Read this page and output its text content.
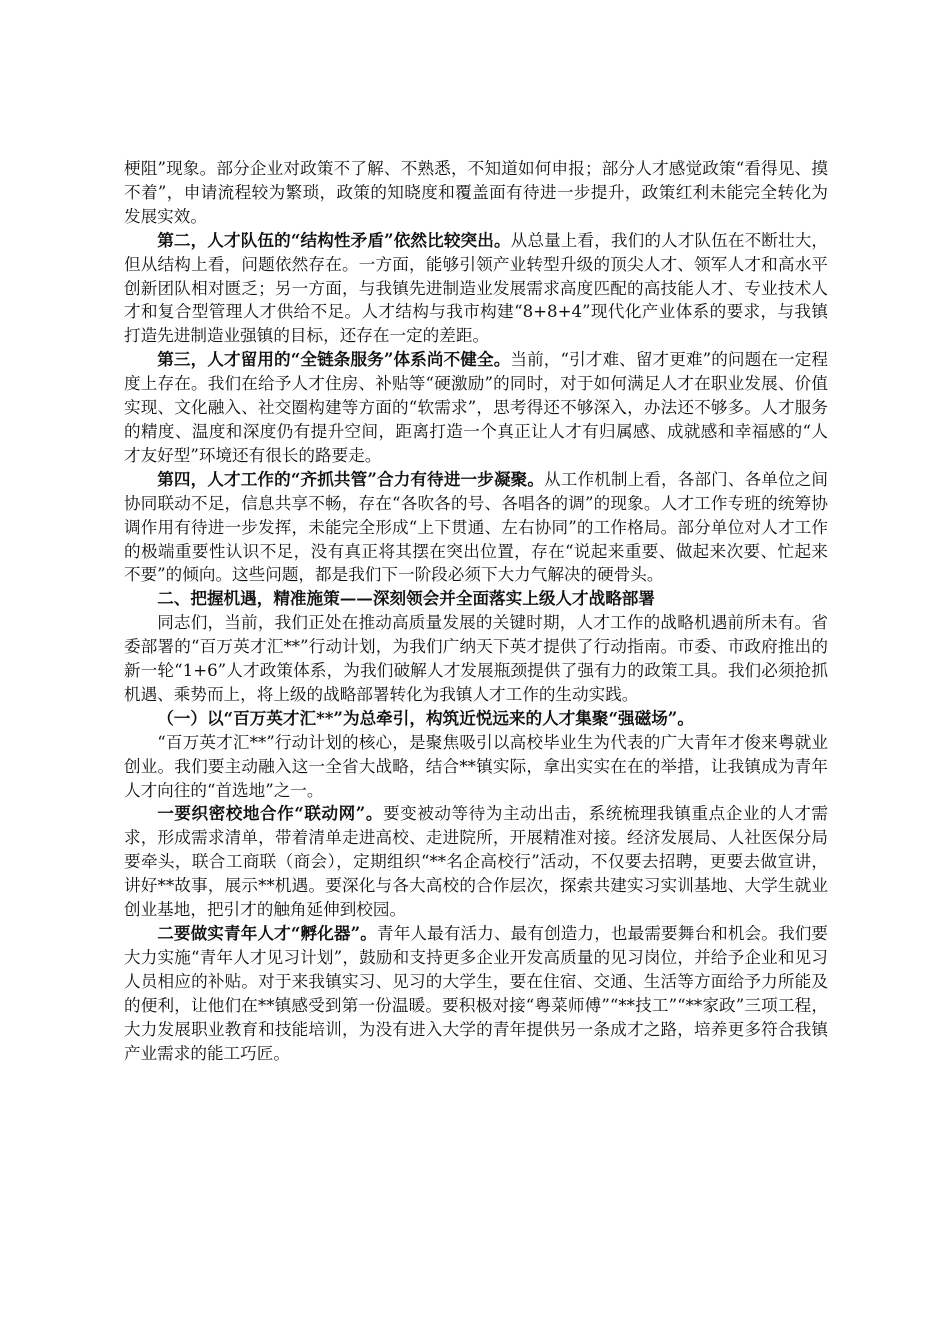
梗阻”现象。部分企业对政策不了解、不熟悉，不知道如何申报；部分人才感觉政策“看得见、摸不着”，申请流程较为繁琐，政策的知晓度和覆盖面有待进一步提升，政策红利未能完全转化为发展实效。

第二，人才队伍的“结构性矛盾”依然比较突出。从总量上看，我们的人才队伍在不断壮大，但从结构上看，问题依然存在。一方面，能够引领产业转型升级的顶尖人才、领军人才和高水平创新团队相对匮乏；另一方面，与我镇先进制造业发展需求高度匹配的高技能人才、专业技术人才和复合型管理人才供给不足。人才结构与我市构建“8+8+4”现代化产业体系的要求，与我镇打造先进制造业强镇的目标，还存在一定的差距。

第三，人才留用的“全链条服务”体系尚不健全。当前，“引才难、留才更难”的问题在一定程度上存在。我们在给予人才住房、补贴等“硬激励”的同时，对于如何满足人才在职业发展、价值实现、文化融入、社交圈构建等方面的“软需求”，思考得还不够深入，办法还不够多。人才服务的精度、温度和深度仍有提升空间，距离打造一个真正让人才有归属感、成就感和幸福感的“人才友好型”环境还有很长的路要走。

第四，人才工作的“齐抓共管”合力有待进一步凝聚。从工作机制上看，各部门、各单位之间协同联动不足，信息共享不畅，存在“各吹各的号、各唱各的调”的现象。人才工作专班的统筹协调作用有待进一步发挥，未能完全形成“上下贯通、左右协同”的工作格局。部分单位对人才工作的极端重要性认识不足，没有真正将其摆在突出位置，存在“说起来重要、做起来次要、忙起来不要”的倾向。这些问题，都是我们下一阶段必须下大力气解决的硬骨头。

二、把握机遇，精准施策——深刻领会并全面落实上级人才战略部署

同志们，当前，我们正处在推动高质量发展的关键时期，人才工作的战略机遇前所未有。省委部署的“百万英才汇**”行动计划，为我们广纳天下英才提供了行动指南。市委、市政府推出的新一轮“1+6”人才政策体系，为我们破解人才发展瓶颈提供了强有力的政策工具。我们必须抢抓机遇、乘势而上，将上级的战略部署转化为我镇人才工作的生动实践。

（一）以“百万英才汇**”为总牵引，构筑近悦远来的人才集聚“强磁场”。

“百万英才汇**”行动计划的核心，是聚焦吸引以高校毕业生为代表的广大青年才俊来粤就业创业。我们要主动融入这一全省大战略，结合**镇实际，拿出实实在在的举措，让我镇成为青年人才向往的“首选地”之一。

一要织密校地合作“联动网”。要变被动等待为主动出击，系统梳理我镇重点企业的人才需求，形成需求清单，带着清单走进高校、走进院所，开展精准对接。经济发展局、人社医保分局要牵头，联合工商联（商会），定期组织“**名企高校行”活动，不仅要去招聘，更要去做宣讲，讲好**故事，展示**机遇。要深化与各大高校的合作层次，探索共建实习实训基地、大学生就业创业基地，把引才的触角延伸到校园。

二要做实青年人才“孵化器”。青年人最有活力、最有创造力，也最需要舞台和机会。我们要大力实施“青年人才见习计划”，鼓励和支持更多企业开发高质量的见习岗位，并给予企业和见习人员相应的补贴。对于来我镇实习、见习的大学生，要在住宿、交通、生活等方面给予力所能及的便利，让他们在**镇感受到第一份温暖。要积极对接“粤菜师傅”“**技工”“**家政”三项工程，大力发展职业教育和技能培训，为没有进入大学的青年提供另一条成才之路，培养更多符合我镇产业需求的能工巧匠。
